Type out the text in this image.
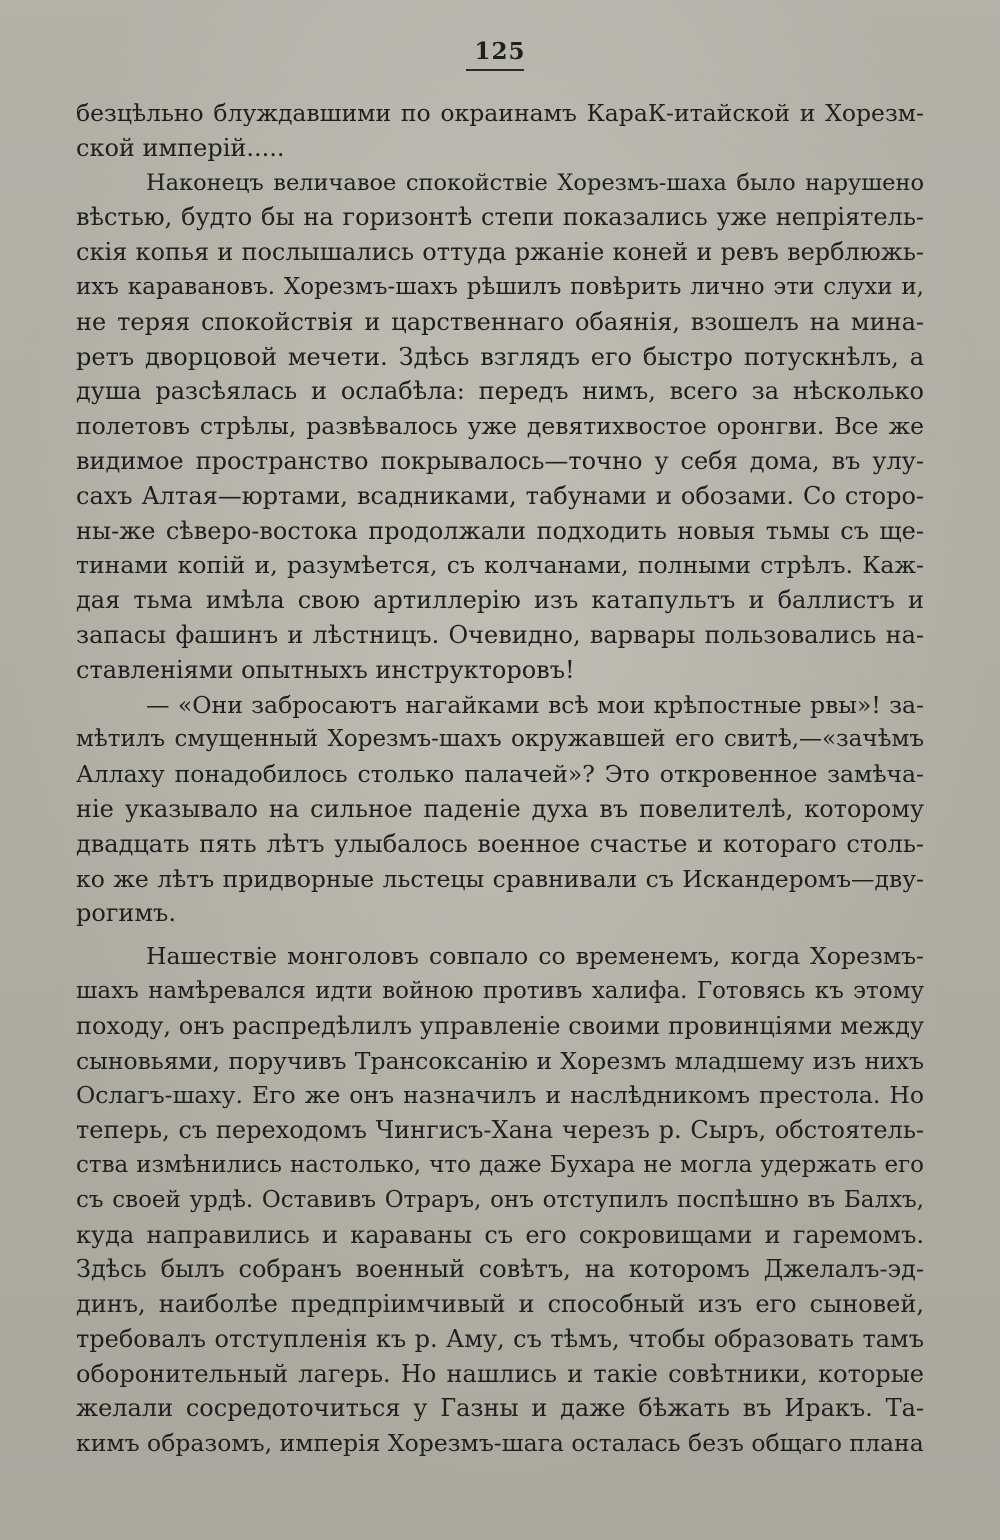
125
безцѣльно блуждавшими по окраинамъ КараК-итайской и Хорезм-
ской имперій.....
Наконецъ величавое спокойствіе Хорезмъ-шаха было нарушено
вѣстью, будто бы на горизонтѣ степи показались уже непріятель-
скія копья и послышались оттуда ржаніе коней и ревъ верблюжь-
ихъ каравановъ. Хорезмъ-шахъ рѣшилъ повѣрить лично эти слухи и,
не теряя спокойствія и царственнаго обаянія, взошелъ на мина-
ретъ дворцовой мечети. Здѣсь взглядъ его быстро потускнѣлъ, а
душа разсѣялась и ослабѣла: передъ нимъ, всего за нѣсколько
полетовъ стрѣлы, развѣвалось уже девятихвостое оронгви. Все же
видимое пространство покрывалось—точно у себя дома, въ улу-
сахъ Алтая—юртами, всадниками, табунами и обозами. Со сторо-
ны-же сѣверо-востока продолжали подходить новыя тьмы съ ще-
тинами копій и, разумѣется, съ колчанами, полными стрѣлъ. Каж-
дая тьма имѣла свою артиллерію изъ катапультъ и баллистъ и
запасы фашинъ и лѣстницъ. Очевидно, варвары пользовались на-
ставленіями опытныхъ инструкторовъ!
— «Они забросаютъ нагайками всѣ мои крѣпостные рвы»! за-
мѣтилъ смущенный Хорезмъ-шахъ окружавшей его свитѣ,—«зачѣмъ
Аллаху понадобилось столько палачей»? Это откровенное замѣча-
ніе указывало на сильное паденіе духа въ повелителѣ, которому
двадцать пять лѣтъ улыбалось военное счастье и котораго столь-
ко же лѣтъ придворные льстецы сравнивали съ Искандеромъ—дву-
рогимъ.
Нашествіе монголовъ совпало со временемъ, когда Хорезмъ-
шахъ намѣревался идти войною противъ халифа. Готовясь къ этому
походу, онъ распредѣлилъ управленіе своими провинціями между
сыновьями, поручивъ Трансоксанію и Хорезмъ младшему изъ нихъ
Ослагъ-шаху. Его же онъ назначилъ и наслѣдникомъ престола. Но
теперь, съ переходомъ Чингисъ-Хана черезъ р. Сыръ, обстоятель-
ства измѣнились настолько, что даже Бухара не могла удержать его
съ своей урдѣ. Оставивъ Отраръ, онъ отступилъ поспѣшно въ Балхъ,
куда направились и караваны съ его сокровищами и гаремомъ.
Здѣсь былъ собранъ военный совѣтъ, на которомъ Джелалъ-эд-
динъ, наиболѣе предпріимчивый и способный изъ его сыновей,
требовалъ отступленія къ р. Аму, съ тѣмъ, чтобы образовать тамъ
оборонительный лагерь. Но нашлись и такіе совѣтники, которые
желали сосредоточиться у Газны и даже бѣжать въ Иракъ. Та-
кимъ образомъ, имперія Хорезмъ-шага осталась безъ общаго плана
